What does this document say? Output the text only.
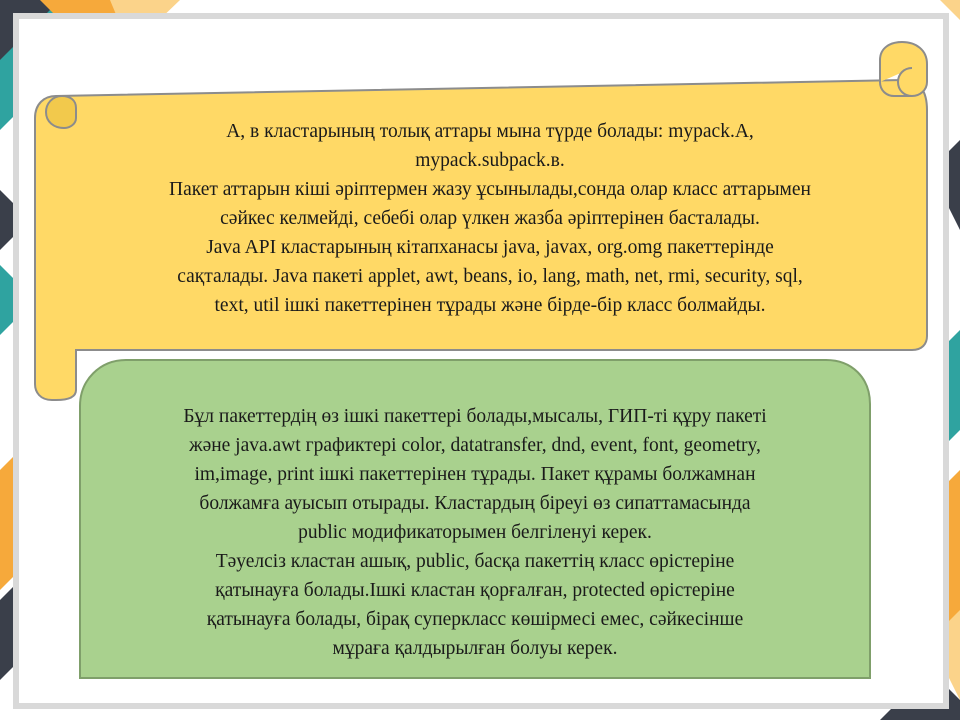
A, в кластарының толық аттары мына түрде болады: mypack.A,
mypack.subpack.в.
Пакет аттарын кіші әріптермен жазу ұсынылады,сонда олар класс аттарымен
сәйкес келмейді, себебі олар үлкен жазба әріптерінен басталады.
Java API кластарының кітапханасы java, javax, org.omg пакеттерінде
сақталады. Java пакеті applet, awt, beans, io, lang, math, net, rmi, security, sql,
text, util ішкі пакеттерінен тұрады және бірде-бір класс болмайды.
Бұл пакеттердің өз ішкі пакеттері болады,мысалы, ГИП-ті құру пакеті
және java.awt графиктері color, datatransfer, dnd, event, font, geometry,
im,image, print ішкі пакеттерінен тұрады. Пакет құрамы болжамнан
болжамға ауысып отырады. Кластардың біреуі өз сипаттамасында
public модификаторымен белгіленуі керек.
Тәуелсіз кластан ашық, public, басқа пакеттің класс өрістеріне
қатынауға болады.Ішкі кластан қорғалған, protected өрістеріне
қатынауға болады, бірақ суперкласс көшірмесі емес, сәйкесінше
мұраға қалдырылған болуы керек.
